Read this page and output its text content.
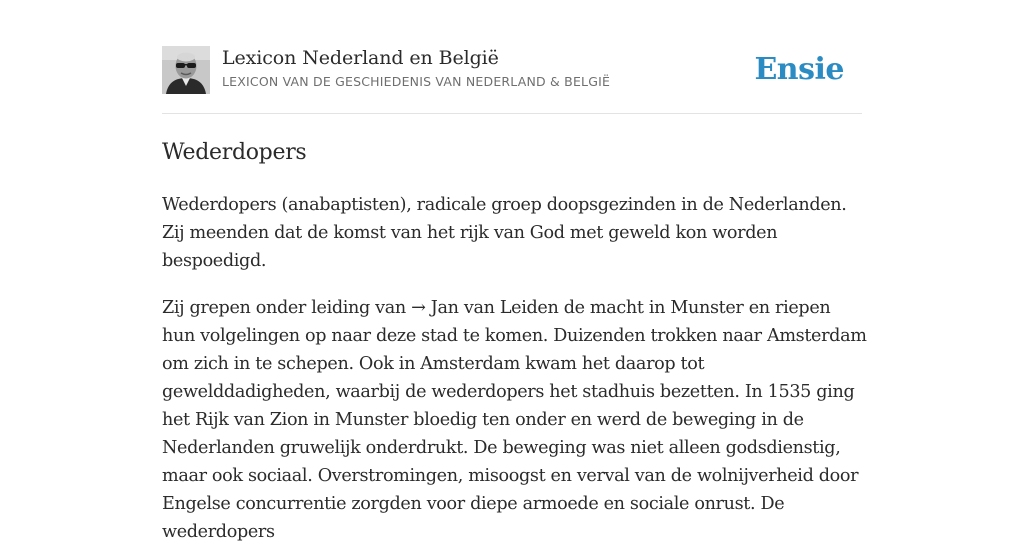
Lexicon Nederland en België
LEXICON VAN DE GESCHIEDENIS VAN NEDERLAND & BELGIË	Ensie
Wederdopers

Wederdopers (anabaptisten), radicale groep doopsgezinden in de Nederlanden. Zij meenden dat de komst van het rijk van God met geweld kon worden bespoedigd.

Zij grepen onder leiding van → Jan van Leiden de macht in Munster en riepen hun volgelingen op naar deze stad te komen. Duizenden trokken naar Amsterdam om zich in te schepen. Ook in Amsterdam kwam het daarop tot gewelddadigheden, waarbij de wederdopers het stadhuis bezetten. In 1535 ging het Rijk van Zion in Munster bloedig ten onder en werd de beweging in de Nederlanden gruwelijk onderdrukt. De beweging was niet alleen godsdienstig, maar ook sociaal. Overstromingen, misoogst en verval van de wolnijverheid door Engelse concurrentie zorgden voor diepe armoede en sociale onrust. De wederdopers
